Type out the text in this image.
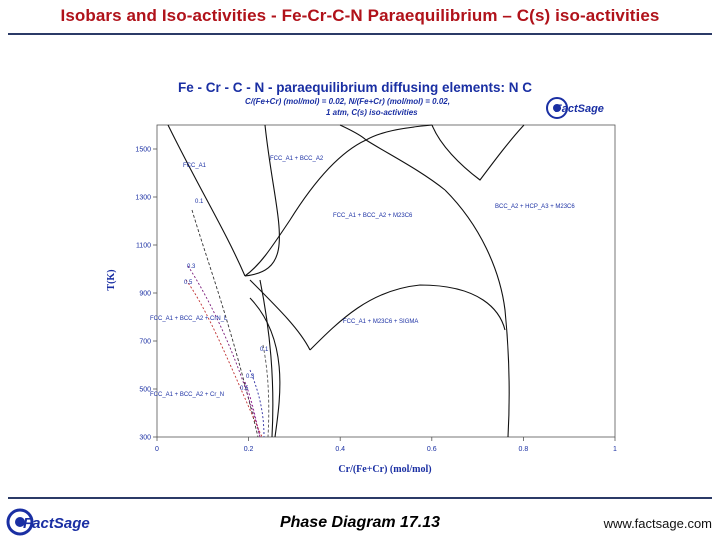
Isobars and Iso-activities - Fe-Cr-C-N Paraequilibrium – C(s) iso-activities
Fe - Cr - C - N - paraequilibrium diffusing elements: N C
C/(Fe+Cr) (mol/mol) = 0.02, N/(Fe+Cr) (mol/mol) = 0.02,
1 atm, C(s) iso-activities	FactSage
300
500
700
900
1100
1300
1500
0	0.2	0.4	0.6	0.8	1
Cr/(Fe+Cr) (mol/mol)
T(K)
FCC_A1
FCC_A1 + BCC_A2
BCC_A2 + HCP_A3 + M23C6
FCC_A1 + BCC_A2 + M23C6
FCC_A1 + BCC_A2 + CrN_L	FCC_A1 + M23C6 + SIGMA
FCC_A1 + BCC_A2 + Cr_N
0.1
0.3
0.5
0.1
0.3
0.5
FactSage	Phase Diagram 17.13	www.factsage.com
